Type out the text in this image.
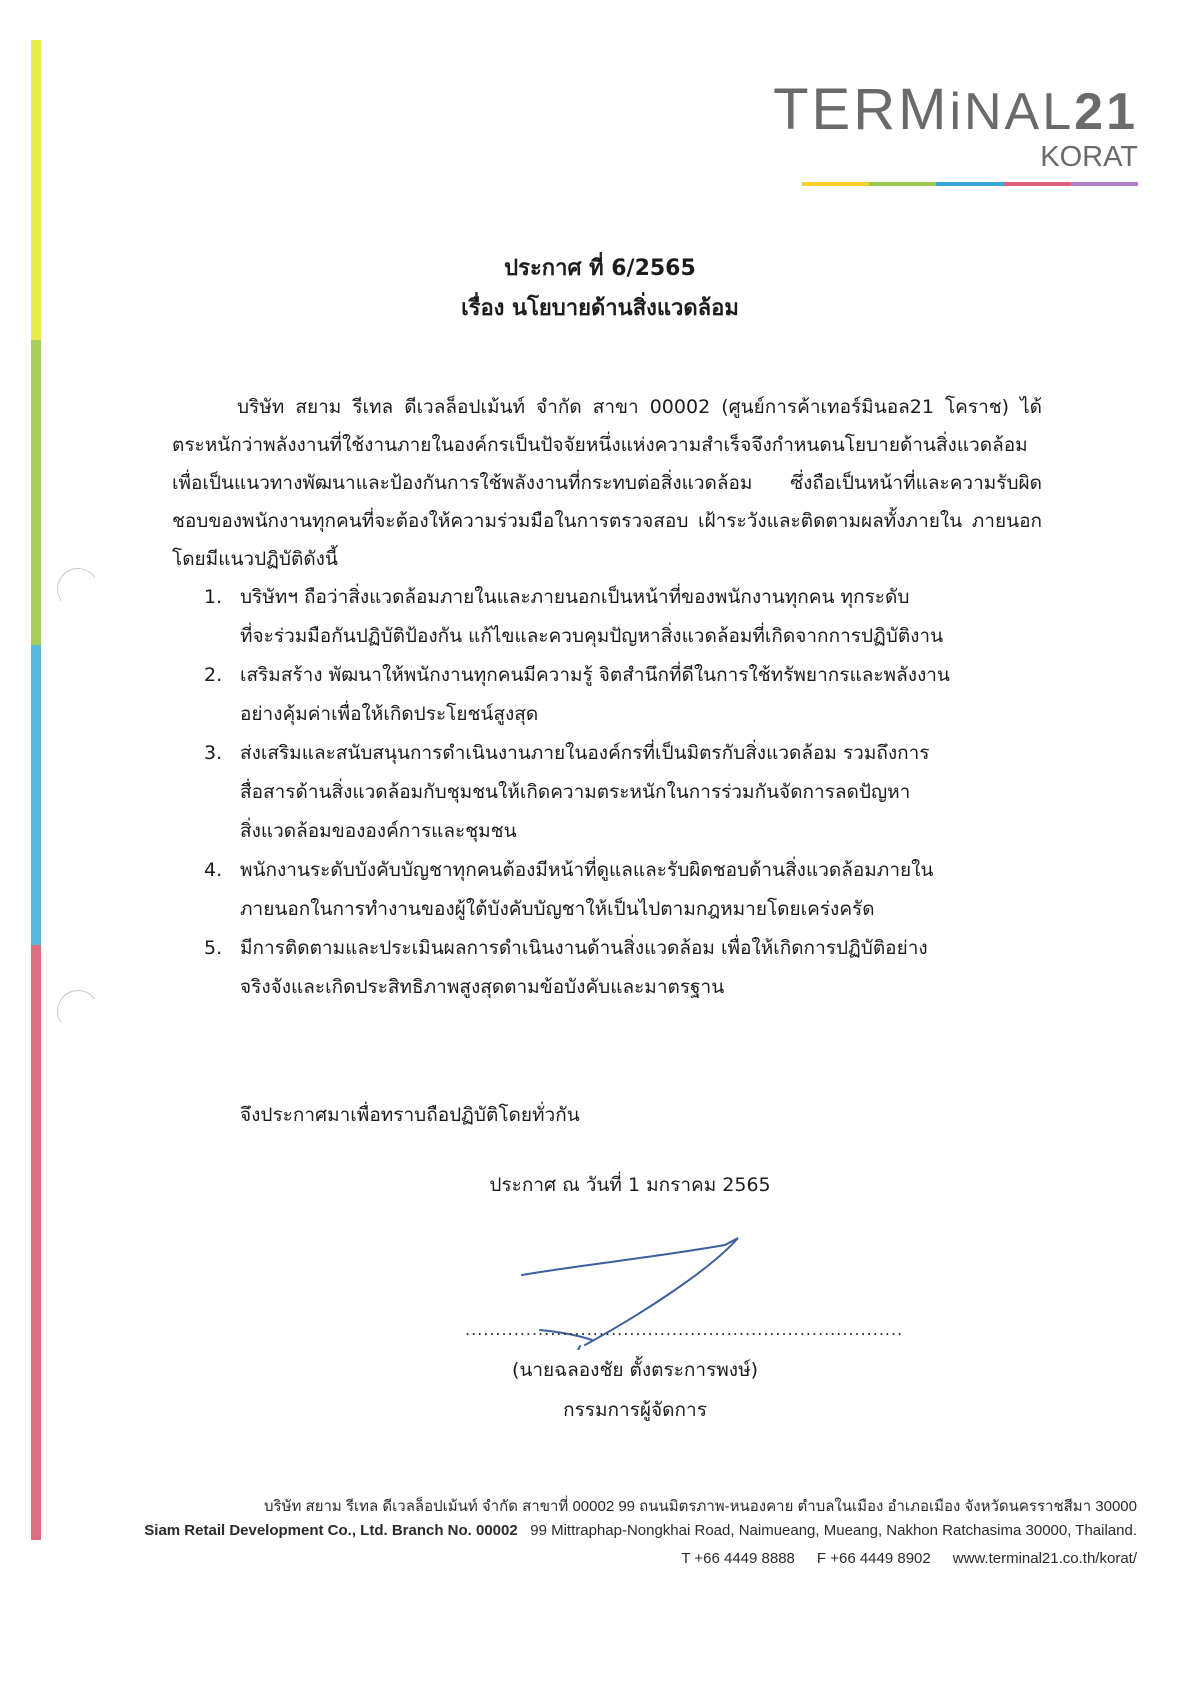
TERMiNAL21
KORAT
ประกาศ ที่ 6/2565
เรื่อง นโยบายด้านสิ่งแวดล้อม
บริษัท สยาม รีเทล ดีเวลล็อปเม้นท์ จำกัด สาขา 00002 (ศูนย์การค้าเทอร์มินอล21 โคราช) ได้ตระหนักว่าพลังงานที่ใช้งานภายในองค์กรเป็นปัจจัยหนึ่งแห่งความสำเร็จจึงกำหนดนโยบายด้านสิ่งแวดล้อม เพื่อเป็นแนวทางพัฒนาและป้องกันการใช้พลังงานที่กระทบต่อสิ่งแวดล้อม ซึ่งถือเป็นหน้าที่และความรับผิดชอบของพนักงานทุกคนที่จะต้องให้ความร่วมมือในการตรวจสอบ เฝ้าระวังและติดตามผลทั้งภายใน ภายนอก โดยมีแนวปฏิบัติดังนี้
1. บริษัทฯ ถือว่าสิ่งแวดล้อมภายในและภายนอกเป็นหน้าที่ของพนักงานทุกคน ทุกระดับ
ที่จะร่วมมือกันปฏิบัติป้องกัน แก้ไขและควบคุมปัญหาสิ่งแวดล้อมที่เกิดจากการปฏิบัติงาน
2. เสริมสร้าง พัฒนาให้พนักงานทุกคนมีความรู้ จิตสำนึกที่ดีในการใช้ทรัพยากรและพลังงาน
อย่างคุ้มค่าเพื่อให้เกิดประโยชน์สูงสุด
3. ส่งเสริมและสนับสนุนการดำเนินงานภายในองค์กรที่เป็นมิตรกับสิ่งแวดล้อม รวมถึงการ
สื่อสารด้านสิ่งแวดล้อมกับชุมชนให้เกิดความตระหนักในการร่วมกันจัดการลดปัญหา
สิ่งแวดล้อมขององค์การและชุมชน
4. พนักงานระดับบังคับบัญชาทุกคนต้องมีหน้าที่ดูแลและรับผิดชอบด้านสิ่งแวดล้อมภายใน
ภายนอกในการทำงานของผู้ใต้บังคับบัญชาให้เป็นไปตามกฎหมายโดยเคร่งครัด
5. มีการติดตามและประเมินผลการดำเนินงานด้านสิ่งแวดล้อม เพื่อให้เกิดการปฏิบัติอย่าง
จริงจังและเกิดประสิทธิภาพสูงสุดตามข้อบังคับและมาตรฐาน
จึงประกาศมาเพื่อทราบถือปฏิบัติโดยทั่วกัน
ประกาศ ณ วันที่ 1 มกราคม 2565
........................................................................
(นายฉลองชัย ตั้งตระการพงษ์)
กรรมการผู้จัดการ
บริษัท สยาม รีเทล ดีเวลล็อปเม้นท์ จำกัด สาขาที่ 00002 99 ถนนมิตรภาพ-หนองคาย ตำบลในเมือง อำเภอเมือง จังหวัดนครราชสีมา 30000
Siam Retail Development Co., Ltd. Branch No. 00002 99 Mittraphap-Nongkhai Road, Naimueang, Mueang, Nakhon Ratchasima 30000, Thailand.
T +66 4449 8888 F +66 4449 8902 www.terminal21.co.th/korat/
